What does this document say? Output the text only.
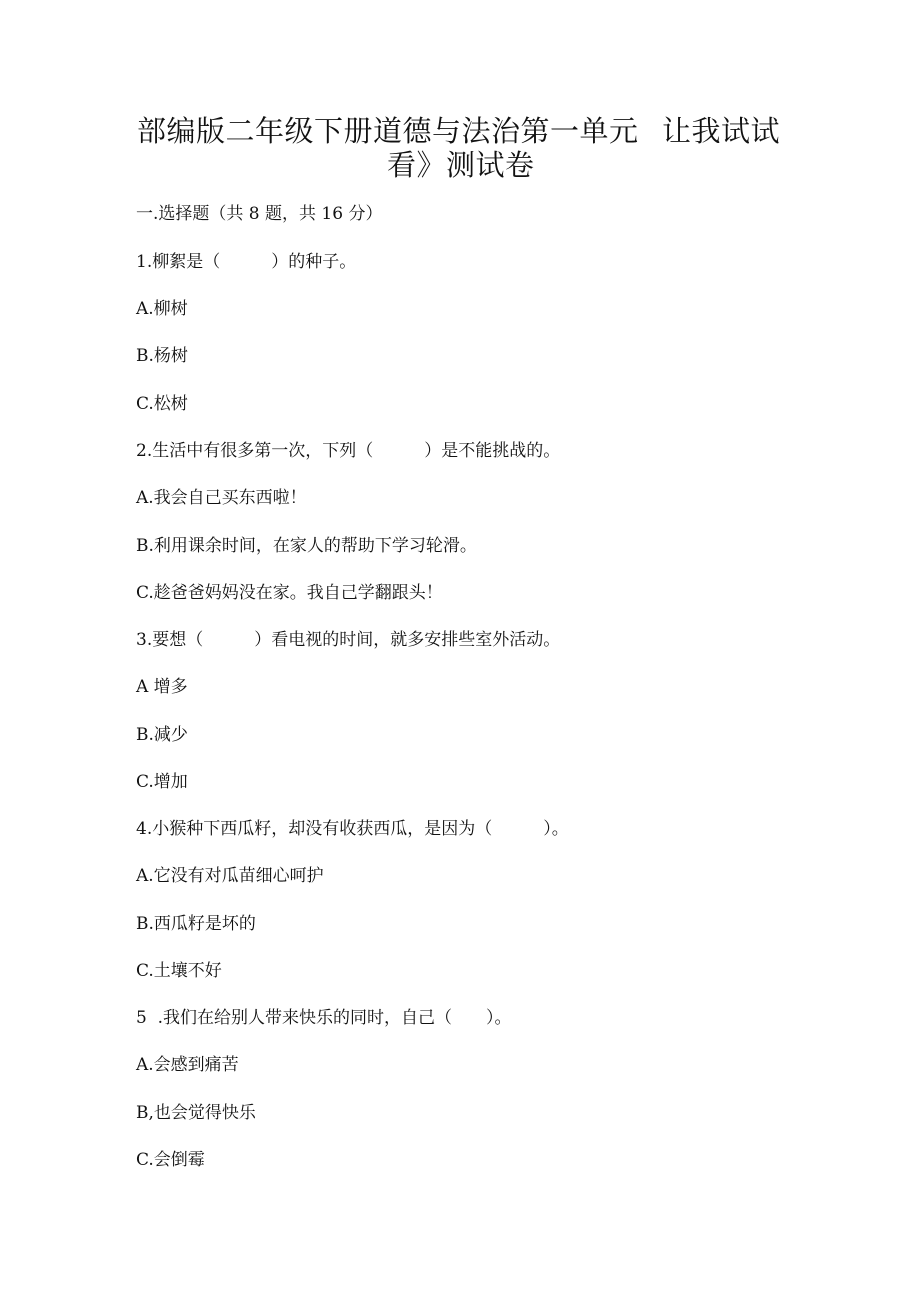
部编版二年级下册道德与法治第一单元 让我试试
看》测试卷
一.选择题（共 8 题，共 16 分）
1.柳絮是（　　　）的种子。
A.柳树
B.杨树
C.松树
2.生活中有很多第一次，下列（　　　）是不能挑战的。
A.我会自己买东西啦！
B.利用课余时间，在家人的帮助下学习轮滑。
C.趁爸爸妈妈没在家。我自己学翻跟头！
3.要想（　　　）看电视的时间，就多安排些室外活动。
A 增多
B.减少
C.增加
4.小猴种下西瓜籽，却没有收获西瓜，是因为（　　　）。
A.它没有对瓜苗细心呵护
B.西瓜籽是坏的
C.土壤不好
5  .我们在给别人带来快乐的同时，自己（　　）。
A.会感到痛苦
B,也会觉得快乐
C.会倒霉
